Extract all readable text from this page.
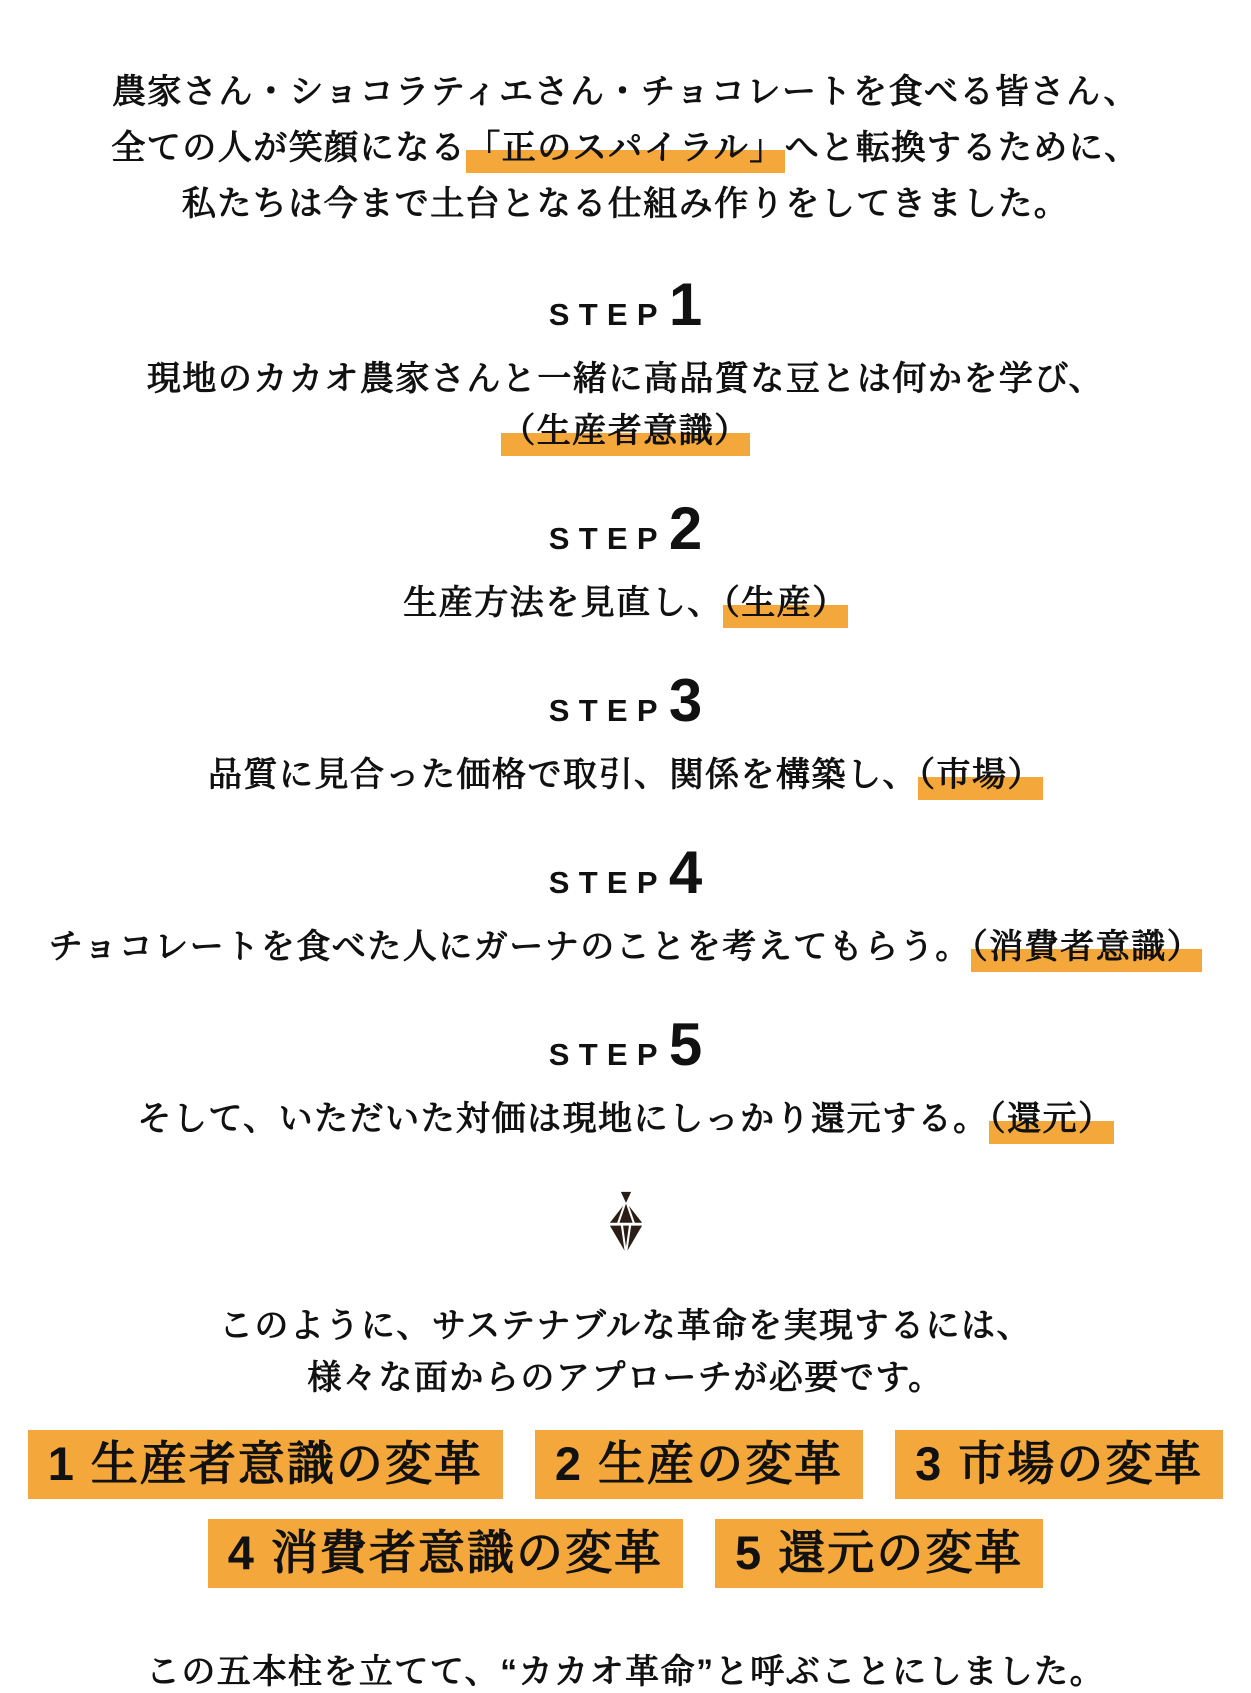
農家さん・ショコラティエさん・チョコレートを食べる皆さん、
全ての人が笑顔になる「正のスパイラル」へと転換するために、
私たちは今まで土台となる仕組み作りをしてきました。
STEP1

現地のカカオ農家さんと一緒に高品質な豆とは何かを学び、

（生産者意識）

STEP2

生産方法を見直し、（生産）

STEP3

品質に見合った価格で取引、関係を構築し、（市場）

STEP4

チョコレートを食べた人にガーナのことを考えてもらう。（消費者意識）

STEP5

そして、いただいた対価は現地にしっかり還元する。（還元）

このように、サステナブルな革命を実現するには、
様々な面からのアプローチが必要です。
1 生産者意識の変革	2 生産の変革	3 市場の変革
4 消費者意識の変革	5 還元の変革
この五本柱を立てて、“カカオ革命”と呼ぶことにしました。
